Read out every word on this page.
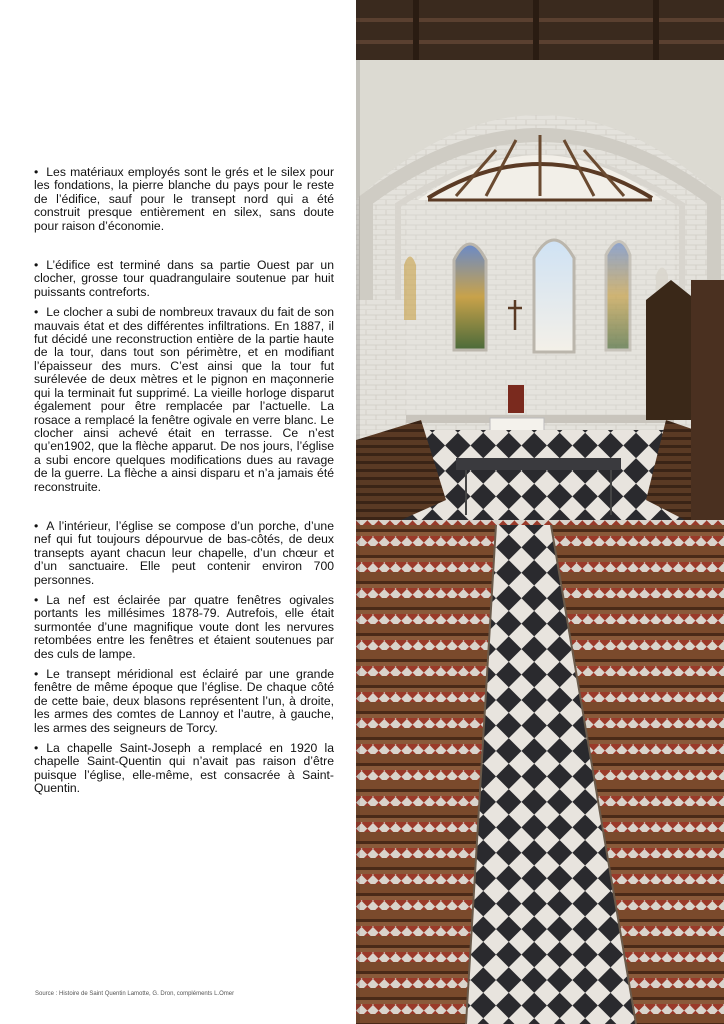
• Les matériaux employés sont le grés et le silex pour les fondations, la pierre blanche du pays pour le reste de l’édifice, sauf pour le transept nord qui a été construit presque entièrement en silex, sans doute pour raison d’économie.

• L’édifice est terminé dans sa partie Ouest par un clocher, grosse tour quadrangulaire soutenue par huit puissants contreforts.

• Le clocher a subi de nombreux travaux du fait de son mauvais état et des différentes infiltrations. En 1887, il fut décidé une reconstruction entière de la partie haute de la tour, dans tout son périmètre, et en modifiant l’épaisseur des murs. C’est ainsi que la tour fut surélevée de deux mètres et le pignon en maçonnerie qui la terminait fut supprimé. La vieille horloge disparut également pour être remplacée par l’actuelle. La rosace a remplacé la fenêtre ogivale en verre blanc. Le clocher ainsi achevé était en terrasse. Ce n’est qu’en1902, que la flèche apparut. De nos jours, l’église a subi encore quelques modifications dues au ravage de la guerre. La flèche a ainsi disparu et n’a jamais été reconstruite.

• A l’intérieur, l’église se compose d’un porche, d’une nef qui fut toujours dépourvue de bas-côtés, de deux transepts ayant chacun leur chapelle, d’un chœur et d’un sanctuaire. Elle peut contenir environ 700 personnes.

• La nef est éclairée par quatre fenêtres ogivales portants les millésimes 1878-79. Autrefois, elle était surmontée d’une magnifique voute dont les nervures retombées entre les fenêtres et étaient soutenues par des culs de lampe.

• Le transept méridional est éclairé par une grande fenêtre de même époque que l’église. De chaque côté de cette baie, deux blasons représentent l’un, à droite, les armes des comtes de Lannoy et l’autre, à gauche, les armes des seigneurs de Torcy.

• La chapelle Saint-Joseph a remplacé en 1920 la chapelle Saint-Quentin qui n’avait pas raison d’être puisque l’église, elle-même, est consacrée à Saint-Quentin.

Source : Histoire de Saint Quentin Lamotte, G. Dron, compléments L.Omer
